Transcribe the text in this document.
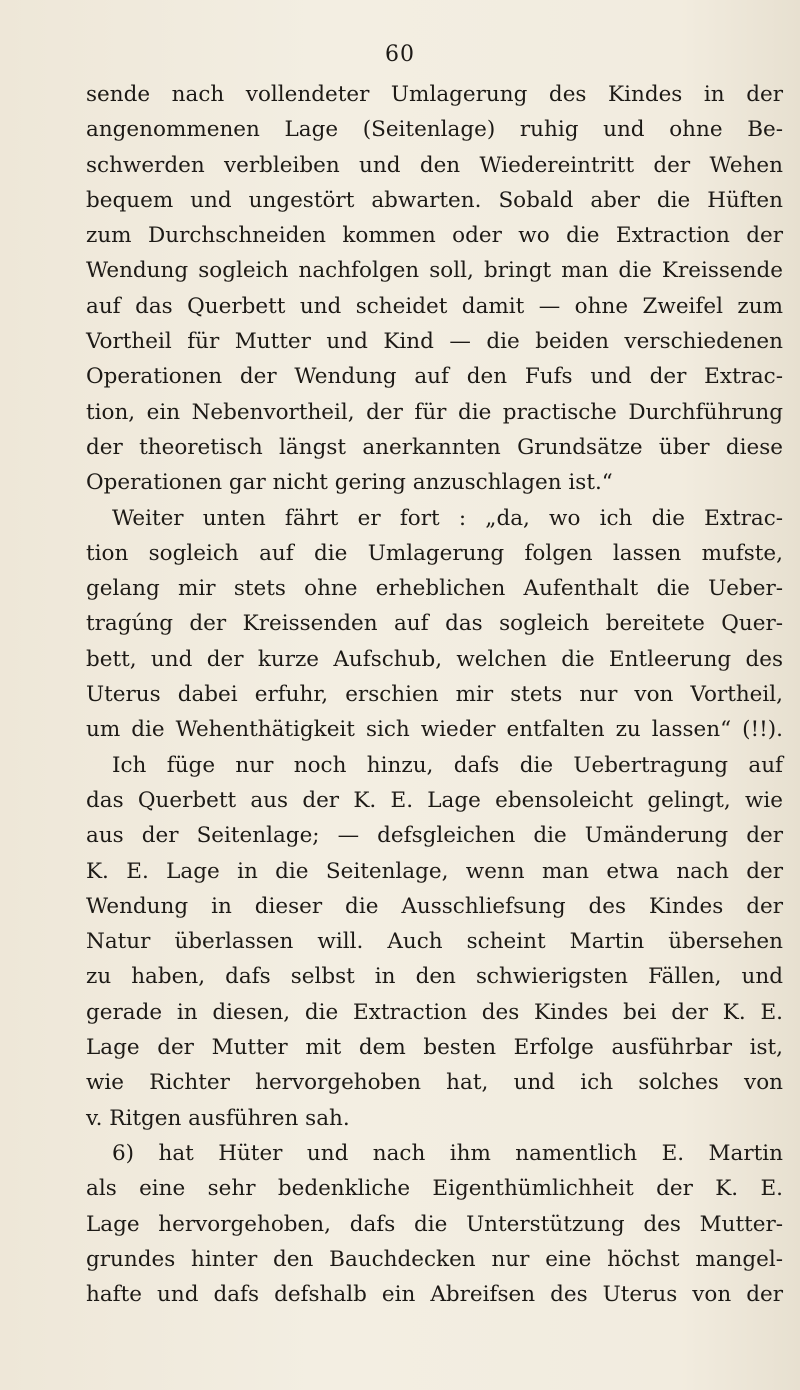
60
sende nach vollendeter Umlagerung des Kindes in der
angenommenen Lage (Seitenlage) ruhig und ohne Be-
schwerden verbleiben und den Wiedereintritt der Wehen
bequem und ungestört abwarten. Sobald aber die Hüften
zum Durchschneiden kommen oder wo die Extraction der
Wendung sogleich nachfolgen soll, bringt man die Kreissende
auf das Querbett und scheidet damit — ohne Zweifel zum
Vortheil für Mutter und Kind — die beiden verschiedenen
Operationen der Wendung auf den Fufs und der Extrac-
tion, ein Nebenvortheil, der für die practische Durchführung
der theoretisch längst anerkannten Grundsätze über diese
Operationen gar nicht gering anzuschlagen ist.“
Weiter unten fährt er fort : „da, wo ich die Extrac-
tion sogleich auf die Umlagerung folgen lassen mufste,
gelang mir stets ohne erheblichen Aufenthalt die Ueber-
tragúng der Kreissenden auf das sogleich bereitete Quer-
bett, und der kurze Aufschub, welchen die Entleerung des
Uterus dabei erfuhr, erschien mir stets nur von Vortheil,
um die Wehenthätigkeit sich wieder entfalten zu lassen“ (!!).
Ich füge nur noch hinzu, dafs die Uebertragung auf
das Querbett aus der K. E. Lage ebensoleicht gelingt, wie
aus der Seitenlage; — defsgleichen die Umänderung der
K. E. Lage in die Seitenlage, wenn man etwa nach der
Wendung in dieser die Ausschliefsung des Kindes der
Natur überlassen will. Auch scheint Martin übersehen
zu haben, dafs selbst in den schwierigsten Fällen, und
gerade in diesen, die Extraction des Kindes bei der K. E.
Lage der Mutter mit dem besten Erfolge ausführbar ist,
wie Richter hervorgehoben hat, und ich solches von
v. Ritgen ausführen sah.
6) hat Hüter und nach ihm namentlich E. Martin
als eine sehr bedenkliche Eigenthümlichheit der K. E.
Lage hervorgehoben, dafs die Unterstützung des Mutter-
grundes hinter den Bauchdecken nur eine höchst mangel-
hafte und dafs defshalb ein Abreifsen des Uterus von der
